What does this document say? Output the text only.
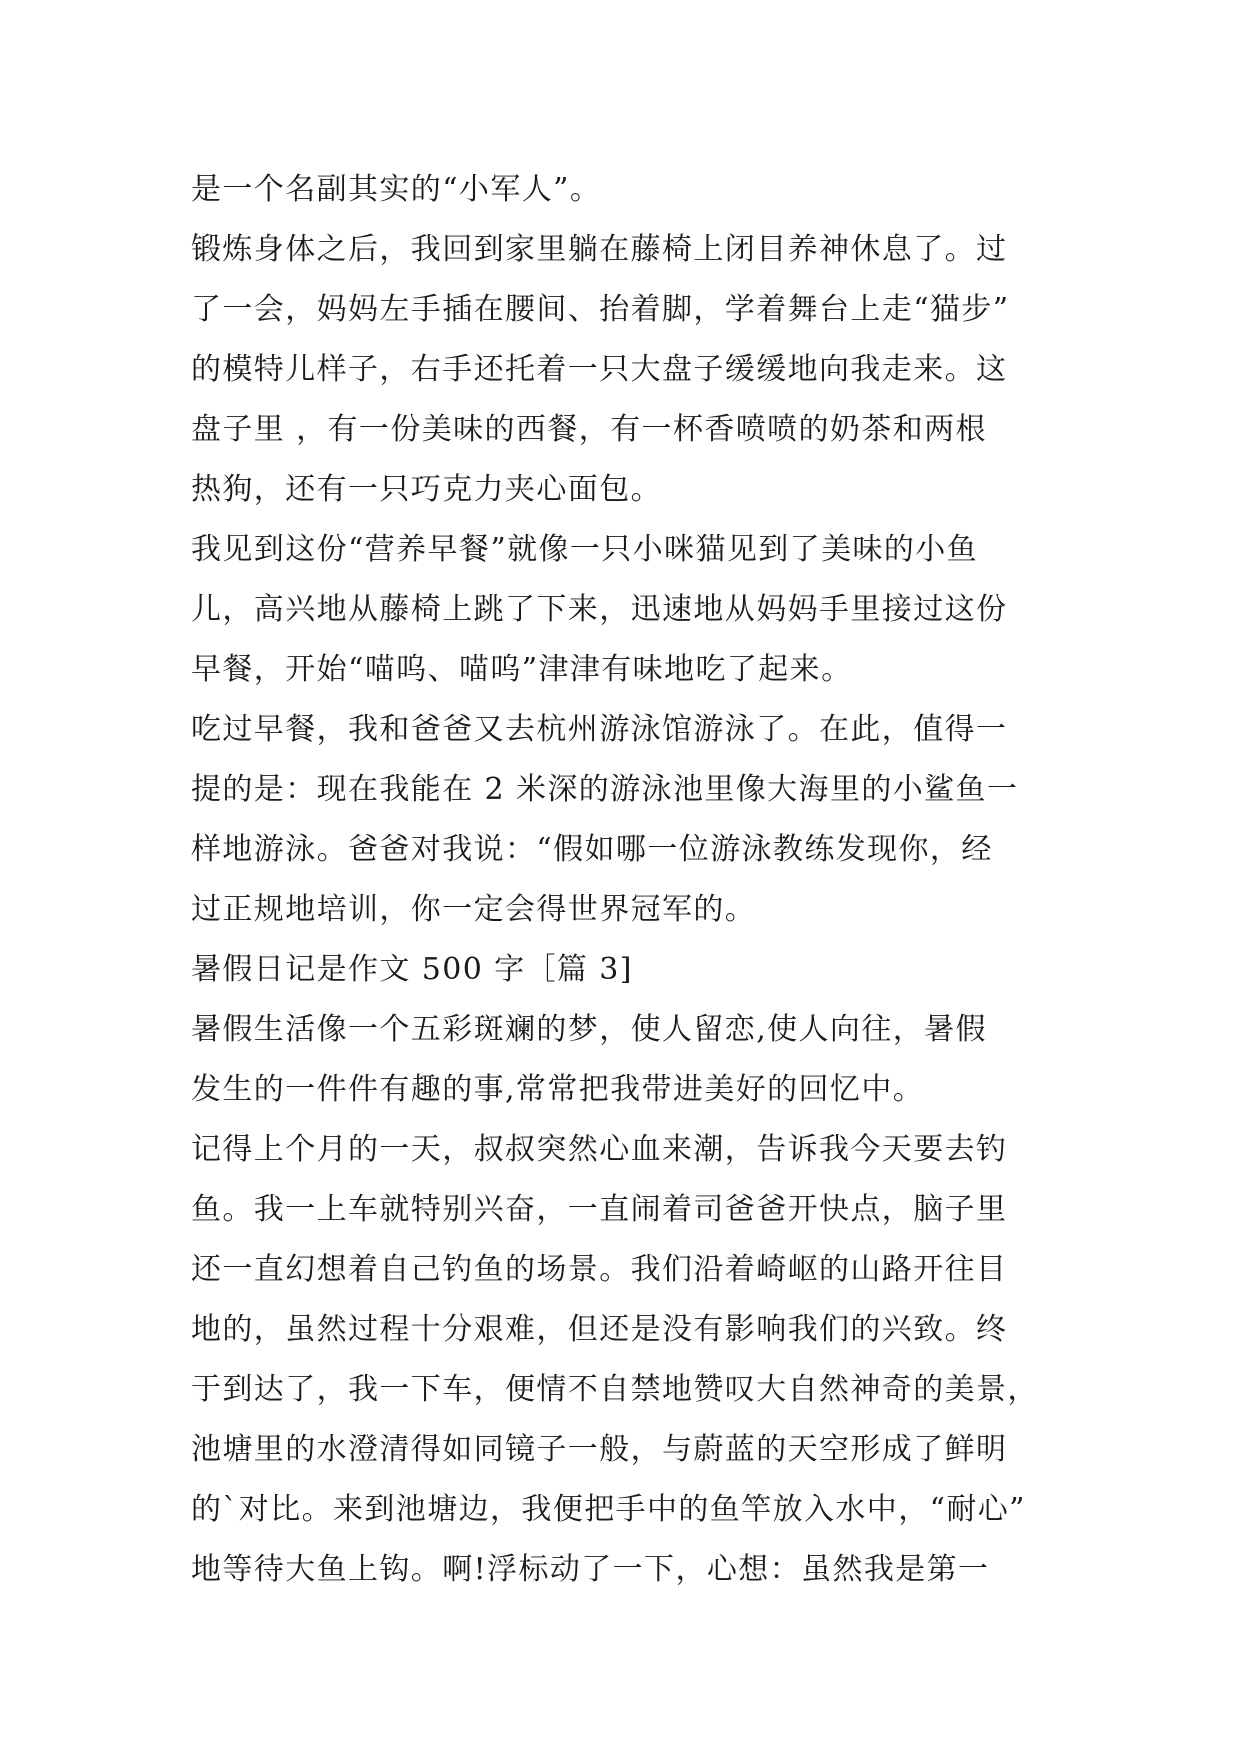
是一个名副其实的“小军人”。
锻炼身体之后，我回到家里躺在藤椅上闭目养神休息了。过
了一会，妈妈左手插在腰间、抬着脚，学着舞台上走“猫步”
的模特儿样子，右手还托着一只大盘子缓缓地向我走来。这
盘子里 ，有一份美味的西餐，有一杯香喷喷的奶茶和两根
热狗，还有一只巧克力夹心面包。
我见到这份“营养早餐”就像一只小咪猫见到了美味的小鱼
儿，高兴地从藤椅上跳了下来，迅速地从妈妈手里接过这份
早餐，开始“喵呜、喵呜”津津有味地吃了起来。
吃过早餐，我和爸爸又去杭州游泳馆游泳了。在此，值得一
提的是：现在我能在 2 米深的游泳池里像大海里的小鲨鱼一
样地游泳。爸爸对我说：“假如哪一位游泳教练发现你，经
过正规地培训，你一定会得世界冠军的。
暑假日记是作文 500 字［篇 3]
暑假生活像一个五彩斑斓的梦，使人留恋,使人向往，暑假
发生的一件件有趣的事,常常把我带进美好的回忆中。
记得上个月的一天，叔叔突然心血来潮，告诉我今天要去钓
鱼。我一上车就特别兴奋，一直闹着司爸爸开快点，脑子里
还一直幻想着自己钓鱼的场景。我们沿着崎岖的山路开往目
地的，虽然过程十分艰难，但还是没有影响我们的兴致。终
于到达了，我一下车，便情不自禁地赞叹大自然神奇的美景，
池塘里的水澄清得如同镜子一般，与蔚蓝的天空形成了鲜明
的`对比。来到池塘边，我便把手中的鱼竿放入水中，“耐心”
地等待大鱼上钩。啊!浮标动了一下，心想：虽然我是第一
